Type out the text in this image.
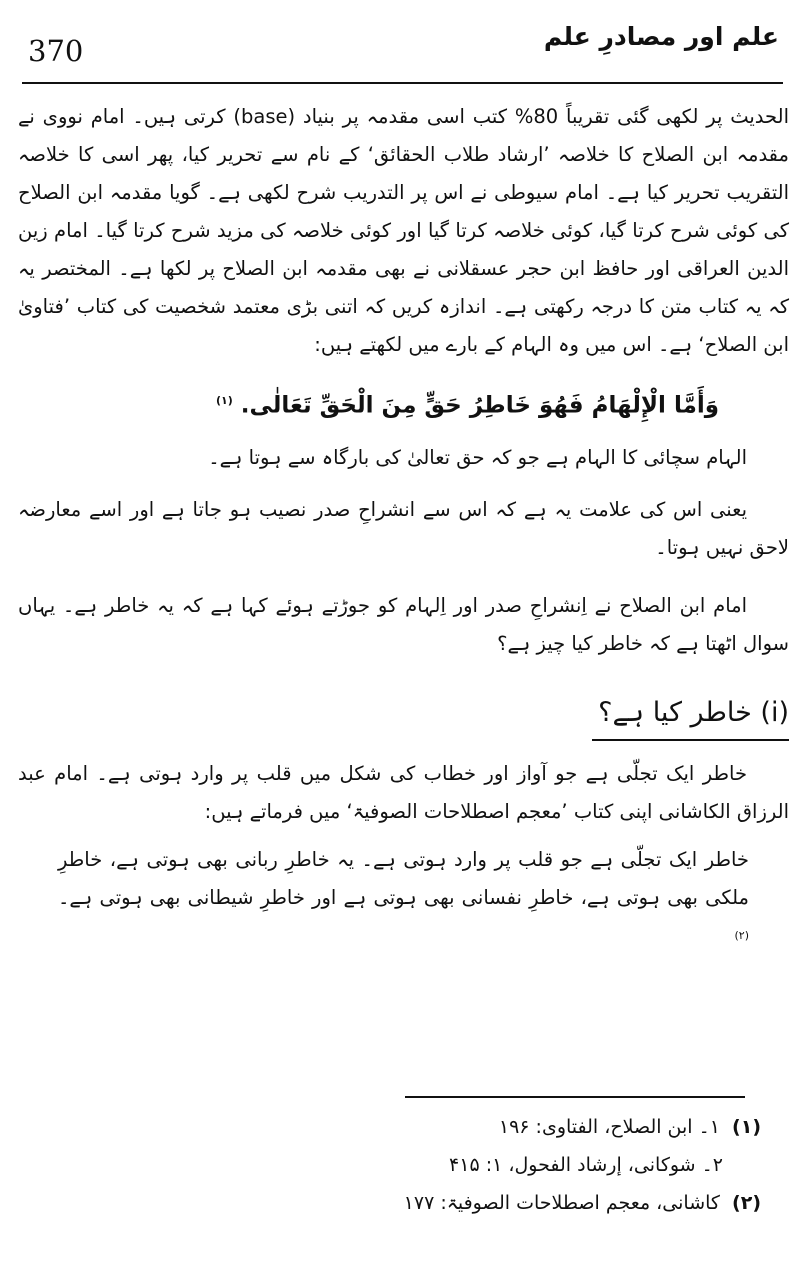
علم اور مصادرِ علم
370

الحدیث پر لکھی گئی تقریباً 80% کتب اسی مقدمہ پر بنیاد (base) کرتی ہیں۔ امام نووی نے مقدمہ ابن الصلاح کا خلاصہ ’ارشاد طلاب الحقائق‘ کے نام سے تحریر کیا، پھر اسی کا خلاصہ التقریب تحریر کیا ہے۔ امام سیوطی نے اس پر التدریب شرح لکھی ہے۔ گویا مقدمہ ابن الصلاح کی کوئی شرح کرتا گیا، کوئی خلاصہ کرتا گیا اور کوئی خلاصہ کی مزید شرح کرتا گیا۔ امام زین الدین العراقی اور حافظ ابن حجر عسقلانی نے بھی مقدمہ ابن الصلاح پر لکھا ہے۔ المختصر یہ کہ یہ کتاب متن کا درجہ رکھتی ہے۔ اندازہ کریں کہ اتنی بڑی معتمد شخصیت کی کتاب ’فتاویٰ ابن الصلاح‘ ہے۔ اس میں وہ الہام کے بارے میں لکھتے ہیں:

وَأَمَّا الْإِلْهَامُ فَهُوَ خَاطِرُ حَقٍّ مِنَ الْحَقِّ تَعَالٰی. $^{(۱)}$

الہام سچائی کا الہام ہے جو کہ حق تعالیٰ کی بارگاہ سے ہوتا ہے۔

یعنی اس کی علامت یہ ہے کہ اس سے انشراحِ صدر نصیب ہو جاتا ہے اور اسے معارضہ لاحق نہیں ہوتا۔

امام ابن الصلاح نے اِنشراحِ صدر اور اِلہام کو جوڑتے ہوئے کہا ہے کہ یہ خاطر ہے۔ یہاں سوال اٹھتا ہے کہ خاطر کیا چیز ہے؟

(i) خاطر کیا ہے؟

خاطر ایک تجلّی ہے جو آواز اور خطاب کی شکل میں قلب پر وارد ہوتی ہے۔ امام عبد الرزاق الکاشانی اپنی کتاب ’معجم اصطلاحات الصوفیۃ‘ میں فرماتے ہیں:

خاطر ایک تجلّی ہے جو قلب پر وارد ہوتی ہے۔ یہ خاطرِ ربانی بھی ہوتی ہے، خاطرِ ملکی بھی ہوتی ہے، خاطرِ نفسانی بھی ہوتی ہے اور خاطرِ شیطانی بھی ہوتی ہے۔ $^{(۲)}$

(۱) ۱۔ ابن الصلاح، الفتاوی: ۱۹۶
۲۔ شوکانی، إرشاد الفحول، ۱: ۴۱۵
(۲) کاشانی، معجم اصطلاحات الصوفیۃ: ۱۷۷
